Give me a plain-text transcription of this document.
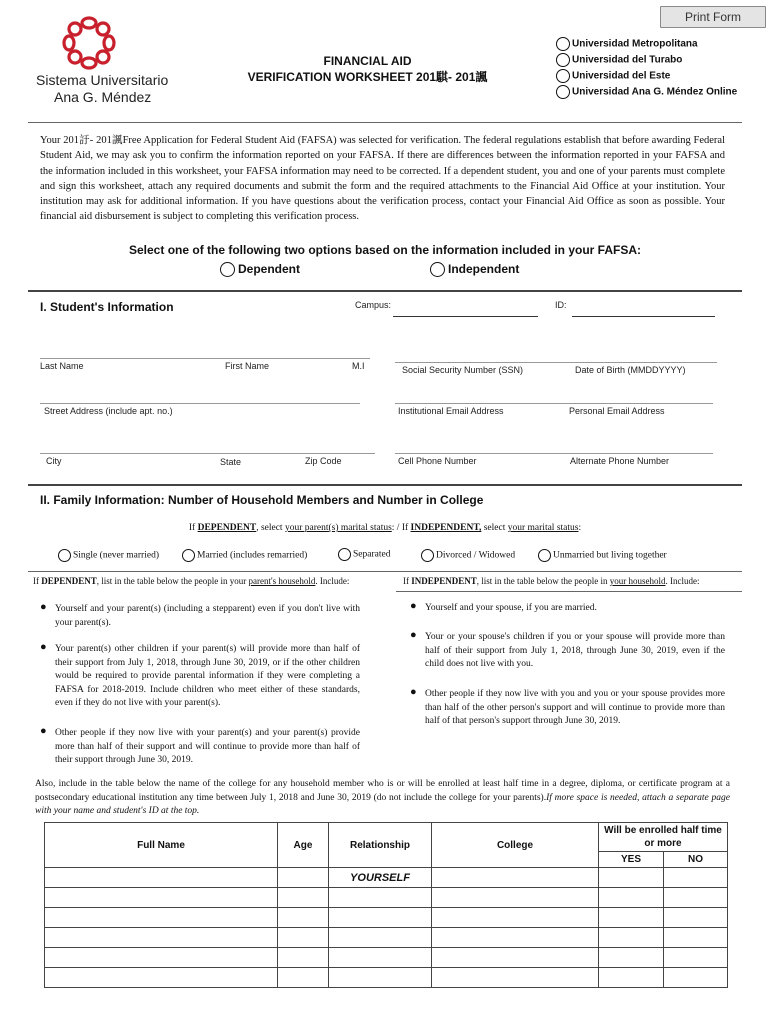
Print Form
Sistema Universitario
Ana G. Méndez
FINANCIAL AID
VERIFICATION WORKSHEET 201騏- 201諷
Universidad Metropolitana
Universidad del Turabo
Universidad del Este
Universidad Ana G. Méndez Online
Your 201訏- 201諷Free Application for Federal Student Aid (FAFSA) was selected for verification. The federal regulations establish that before awarding Federal Student Aid, we may ask you to confirm the information reported on your FAFSA. If there are differences between the information reported in your FAFSA and the information included in this worksheet, your FAFSA information may need to be corrected. If a dependent student, you and one of your parents must complete and sign this worksheet, attach any required documents and submit the form and the required attachments to the Financial Aid Office at your institution. Your institution may ask for additional information. If you have questions about the verification process, contact your Financial Aid Office as soon as possible. Your financial aid disbursement is subject to completing this verification process.
Select one of the following two options based on the information included in your FAFSA:
Dependent	Independent
I. Student's Information	Campus:	ID:
Last Name	First Name	M.I	Social Security Number (SSN)	Date of Birth (MMDDYYYY)
Street Address (include apt. no.)	Institutional Email Address	Personal Email Address
City	State	Zip Code	Cell Phone Number	Alternate Phone Number
II. Family Information: Number of Household Members and Number in College
If DEPENDENT, select your parent(s) marital status: / If INDEPENDENT, select your marital status:
Single (never married)	Married (includes remarried)	Separated	Divorced / Widowed	Unmarried but living together
If DEPENDENT, list in the table below the people in your parent's household. Include:	If INDEPENDENT, list in the table below the people in your household. Include:
● Yourself and your parent(s) (including a stepparent) even if you don't live with your parent(s).
● Your parent(s) other children if your parent(s) will provide more than half of their support from July 1, 2018, through June 30, 2019, or if the other children would be required to provide parental information if they were completing a FAFSA for 2018-2019. Include children who meet either of these standards, even if they do not live with your parent(s).
● Other people if they now live with your parent(s) and your parent(s) provide more than half of their support and will continue to provide more than half of their support through June 30, 2019.
● Yourself and your spouse, if you are married.
● Your or your spouse's children if you or your spouse will provide more than half of their support from July 1, 2018, through June 30, 2019, even if the child does not live with you.
● Other people if they now live with you and you or your spouse provides more than half of the other person's support and will continue to provide more than half of that person's support through June 30, 2019.
Also, include in the table below the name of the college for any household member who is or will be enrolled at least half time in a degree, diploma, or certificate program at a postsecondary educational institution any time between July 1, 2018 and June 30, 2019 (do not include the college for your parents).If more space is needed, attach a separate page with your name and student's ID at the top.
Full Name	Age	Relationship	College	Will be enrolled half time or more	
				YES	NO
		YOURSELF			
